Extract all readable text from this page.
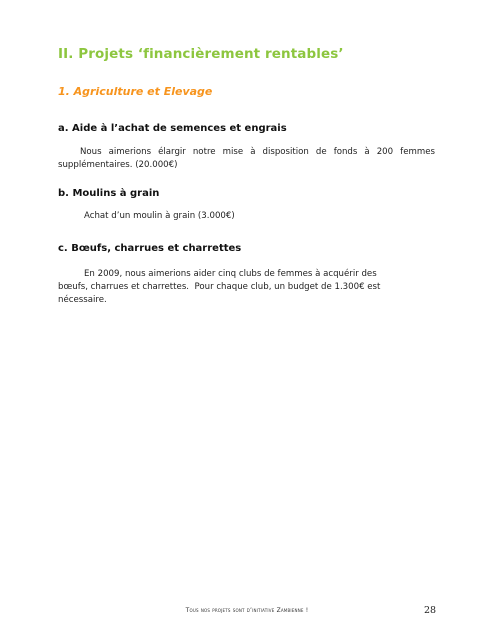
II. Projets ‘financièrement rentables’
1. Agriculture et Elevage
a. Aide à l’achat de semences et engrais
Nous aimerions élargir notre mise à disposition de fonds à 200 femmes supplémentaires. (20.000€)
b. Moulins à grain
Achat d’un moulin à grain (3.000€)
c. Bœufs, charrues et charrettes
En 2009, nous aimerions aider cinq clubs de femmes à acquérir des
bœufs, charrues et charrettes.  Pour chaque club, un budget de 1.300€ est
nécessaire.
Tous nos projets sont d’initiative Zambienne !	28
